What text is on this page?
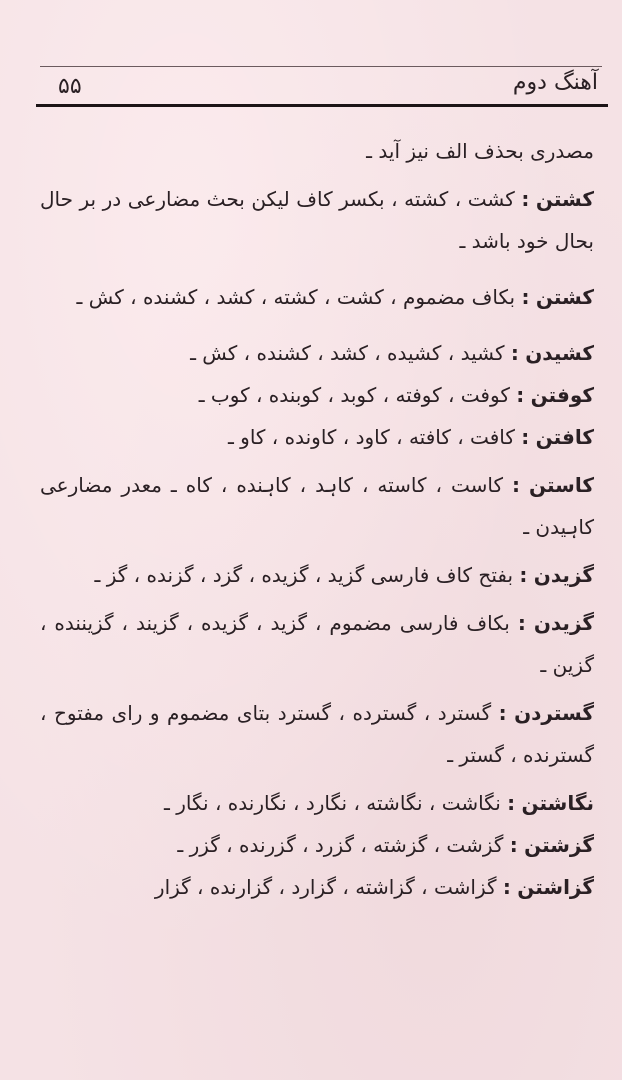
۵۵	آهنگ دوم

مصدری بحذف الف نیز آید ـ

کشتن : کشت ، کشته ، بکسر کاف لیکن بحث مضارعی در بر حال بحال خود باشد ـ

کشتن : بکاف مضموم ، کشت ، کشته ، کشد ، کشنده ، کش ـ

کشیدن : کشید ، کشیده ، کشد ، کشنده ، کش ـ

کوفتن : کوفت ، کوفته ، کوبد ، کوبنده ، کوب ـ

کافتن : کافت ، کافته ، کاود ، کاونده ، کاو ـ

کاستن : کاست ، کاسته ، کاہد ، کاہنده ، کاه ـ معدر مضارعی کاہیدن ـ

گزیدن : بفتح کاف فارسی گزید ، گزیده ، گزد ، گزنده ، گز ـ

گزیدن : بکاف فارسی مضموم ، گزید ، گزیده ، گزیند ، گزیننده ، گزین ـ

گستردن : گسترد ، گسترده ، گسترد بتای مضموم و رای مفتوح ، گسترنده ، گستر ـ

نگاشتن : نگاشت ، نگاشته ، نگارد ، نگارنده ، نگار ـ

گزشتن : گزشت ، گزشته ، گزرد ، گزرنده ، گزر ـ

گزاشتن : گزاشت ، گزاشته ، گزارد ، گزارنده ، گزار
